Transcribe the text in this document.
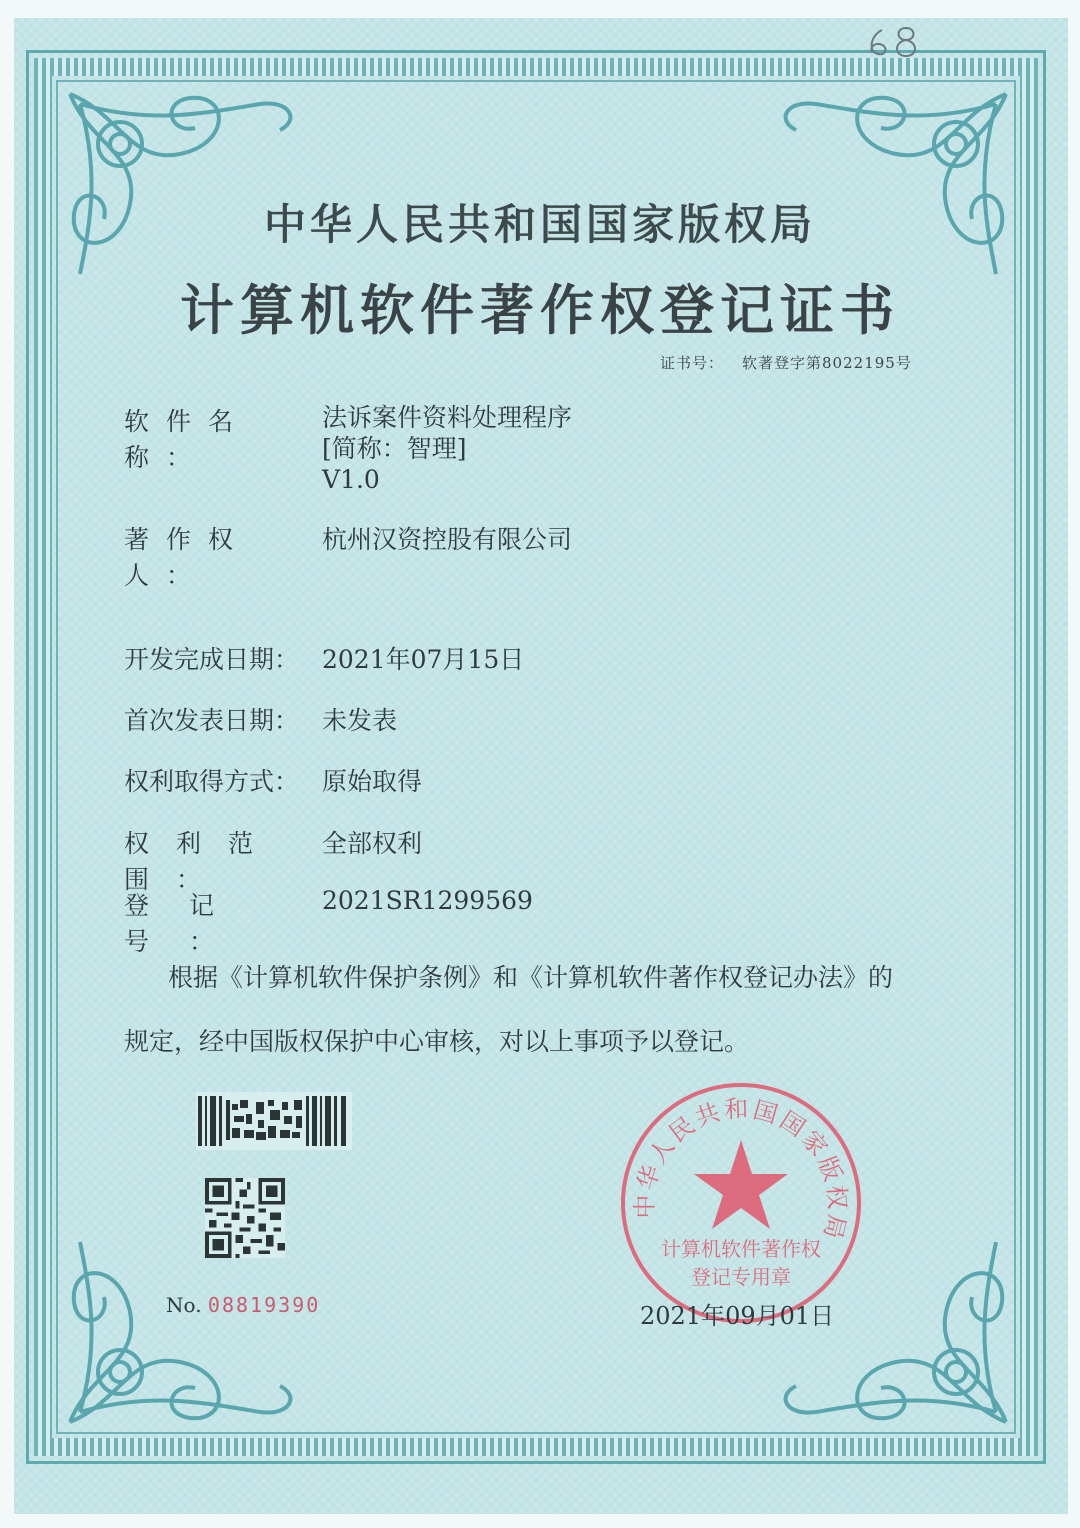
中华人民共和国国家版权局
计算机软件著作权登记证书
证书号： 软著登字第8022195号
软件名称：
法诉案件资料处理程序
[简称：智理]
V1.0
著作权人：
杭州汉资控股有限公司
开发完成日期： 2021年07月15日
首次发表日期： 未发表
权利取得方式： 原始取得
权利范围：
全部权利
登记号：
2021SR1299569
根据《计算机软件保护条例》和《计算机软件著作权登记办法》的
规定，经中国版权保护中心审核，对以上事项予以登记。
No. 08819390
中华人民共和国国家版权局
计算机软件著作权
登记专用章
2021年09月01日
